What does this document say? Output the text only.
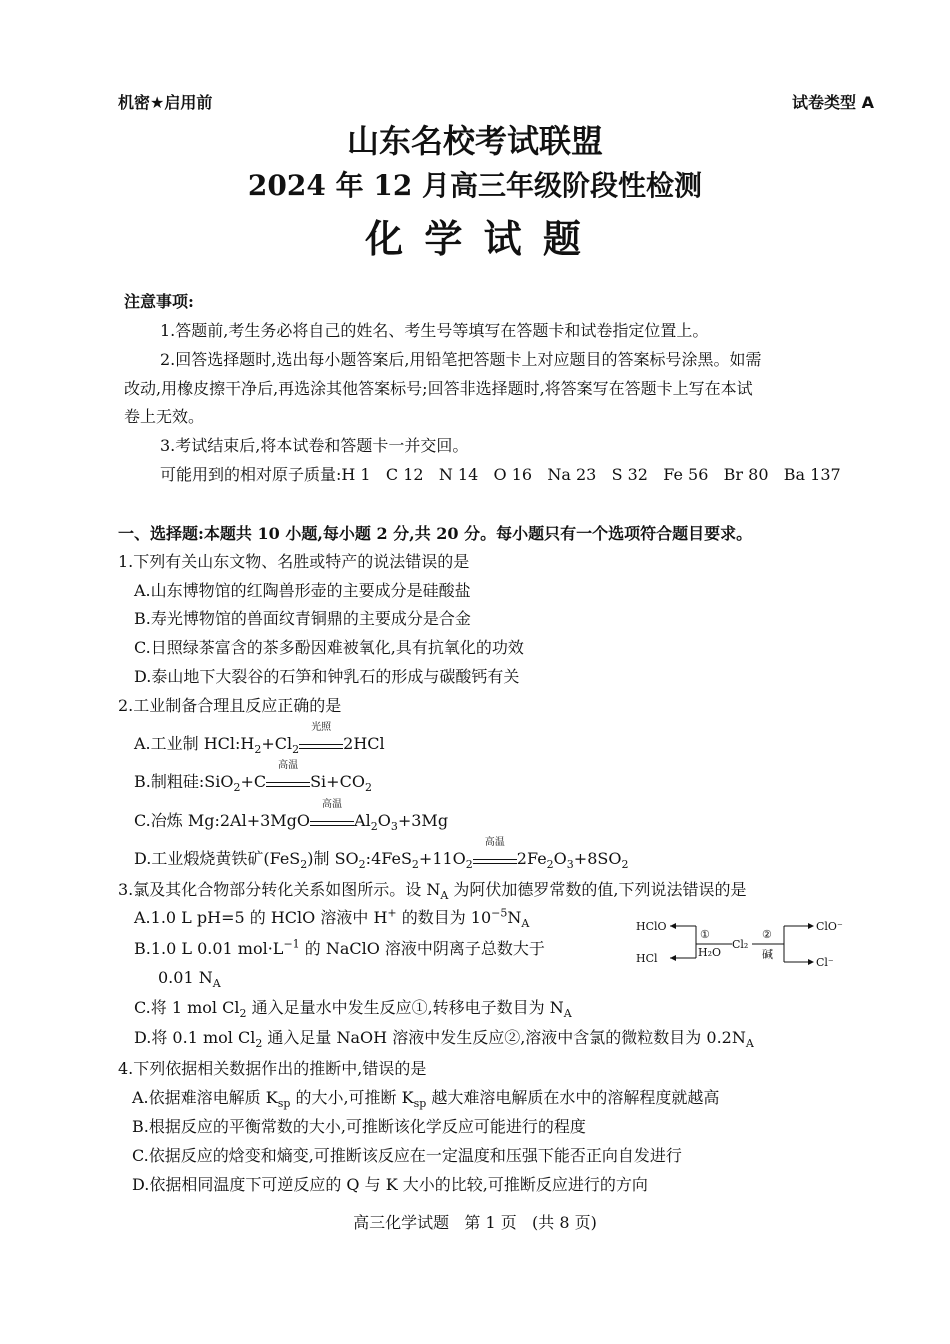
机密★启用前	试卷类型 A
山东名校考试联盟
2024 年 12 月高三年级阶段性检测
化 学 试 题
注意事项:
1.答题前,考生务必将自己的姓名、考生号等填写在答题卡和试卷指定位置上。
2.回答选择题时,选出每小题答案后,用铅笔把答题卡上对应题目的答案标号涂黑。如需
改动,用橡皮擦干净后,再选涂其他答案标号;回答非选择题时,将答案写在答题卡上写在本试
卷上无效。
3.考试结束后,将本试卷和答题卡一并交回。
可能用到的相对原子质量:H 1   C 12   N 14   O 16   Na 23   S 32   Fe 56   Br 80   Ba 137
一、选择题:本题共 10 小题,每小题 2 分,共 20 分。每小题只有一个选项符合题目要求。
1.下列有关山东文物、名胜或特产的说法错误的是
A.山东博物馆的红陶兽形壶的主要成分是硅酸盐
B.寿光博物馆的兽面纹青铜鼎的主要成分是合金
C.日照绿茶富含的茶多酚因难被氧化,具有抗氧化的功效
D.泰山地下大裂谷的石笋和钟乳石的形成与碳酸钙有关
2.工业制备合理且反应正确的是
A.工业制 $HCl:H_2+Cl_2$
光照
2HCl
B.制粗硅:SiO$_2$+C
高温
$Si+CO_2$
C.冶炼 Mg:2Al+3MgO
高温
$Al_2O_3+3Mg$
D.工业煅烧黄铁矿(FeS$_2$)制 $SO_2:4FeS_2+11O_2$
高温
$2Fe_2O_3+8SO_2$
3.氯及其化合物部分转化关系如图所示。设 $N_A$ 为阿伏加德罗常数的值,下列说法错误的是
A.1.0 L pH=5 的 HClO 溶液中 H+ 的数目为 $10^{-5}N_A$
B.1.0 L 0.01 $mol\cdot L^{-1}$ 的 NaClO 溶液中阴离子总数大于
0.01 $N_A$
C.将 1 mol $Cl_2$ 通入足量水中发生反应①,转移电子数目为 $N_A$
D.将 0.1 mol $Cl_2$ 通入足量 NaOH 溶液中发生反应②,溶液中含氯的微粒数目为 $0.2N_A$
HClO
HCl
①
H₂O
Cl₂
②
碱
ClO⁻
Cl⁻
4.下列依据相关数据作出的推断中,错误的是
A.依据难溶电解质 $K_{sp}$ 的大小,可推断 $K_{sp}$ 越大难溶电解质在水中的溶解程度就越高
B.根据反应的平衡常数的大小,可推断该化学反应可能进行的程度
C.依据反应的焓变和熵变,可推断该反应在一定温度和压强下能否正向自发进行
D.依据相同温度下可逆反应的 Q 与 K 大小的比较,可推断反应进行的方向
高三化学试题   第 1 页   (共 8 页)
